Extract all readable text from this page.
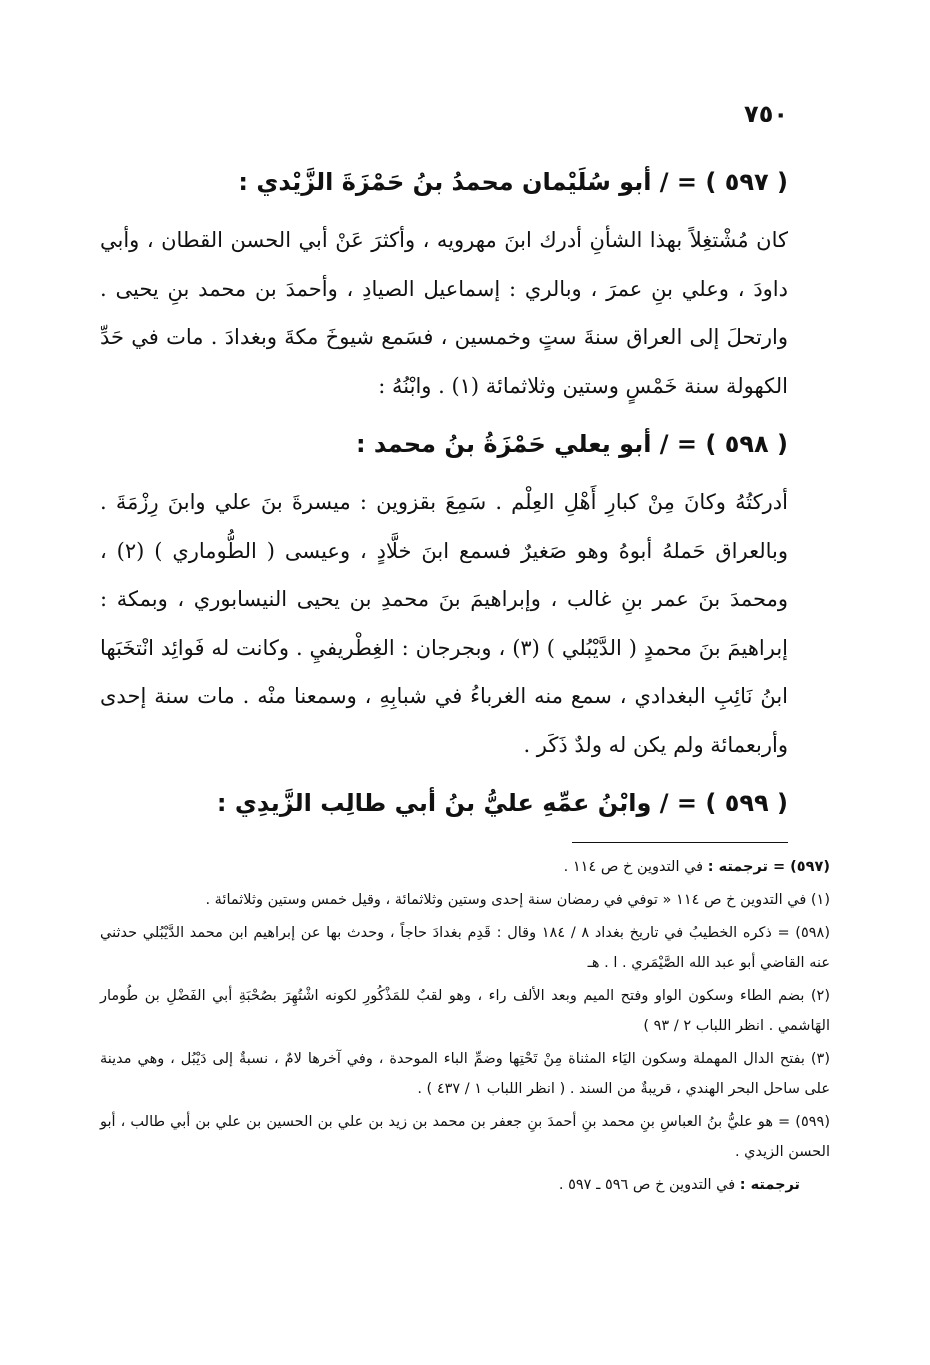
٧٥٠
( ٥٩٧ ) = / أبو سُلَيْمان محمدُ بنُ حَمْزَةَ الزَّيْدي :

كان مُشْتغِلاً بهذا الشأنِ أدرك ابنَ مهرويه ، وأكثرَ عَنْ أبي الحسن القطان ، وأبي داودَ ، وعلي بنِ عمرَ ، وبالري : إسماعيل الصيادِ ، وأحمدَ بن محمد بنِ يحيى . وارتحلَ إلى العراق سنةَ ستٍ وخمسين ، فسَمع شيوخَ مكةَ وبغدادَ . مات في حَدِّ الكهولة سنة خَمْسٍ وستين وثلاثمائة (١) . وابْنُهُ :

( ٥٩٨ ) = / أبو يعلي حَمْزَةُ بنُ محمد :

أدركتُهُ وكانَ مِنْ كبارِ أَهْلِ العِلْم . سَمِعَ بقزوين : ميسرةَ بنَ علي وابنَ رِزْمَةَ . وبالعراق حَملهُ أبوهُ وهو صَغيرٌ فسمع ابنَ خلَّادٍ ، وعيسى ( الطُّوماري ) (٢) ، ومحمدَ بنَ عمر بنِ غالب ، وإبراهيمَ بنَ محمدِ بن يحيى النيسابوري ، وبمكة : إبراهيمَ بنَ محمدٍ ( الدَّيْبُلي ) (٣) ، وبجرجان : الغِطْريفيِ . وكانت له فَوائِد انْتخَبَها ابنُ نَائِبِ البغدادي ، سمع منه الغرباءُ في شبابِهِ ، وسمعنا منْه . مات سنة إحدى وأربعمائة ولم يكن له ولدٌ ذَكَر .

( ٥٩٩ ) = / وابْنُ عمِّهِ عليُّ بنُ أبي طالِب الزَّيدِي :

(٥٩٧) = ترجمته : في التدوين خ ص ١١٤ .

(١) في التدوين خ ص ١١٤ « توفي في رمضان سنة إحدى وستين وثلاثمائة ، وقيل خمس وستين وثلاثمائة .

(٥٩٨) = ذكره الخطيبُ في تاريخ بغداد ٨ / ١٨٤ وقال : قَدِم بغدادَ حاجاً ، وحدث بها عن إبراهيم ابن محمد الدَّيْبُلي حدثني عنه القاضي أبو عبد الله الصَّيْمَري . ا . هـ

(٢) بضم الطاء وسكون الواو وفتح الميم وبعد الألف راء ، وهو لقبٌ للمَذْكُورِ لكونه اشْتُهِرَ بصُحْبَةِ أبي الفَضْلِ بن طُومار الهَاشمي . انظر اللباب ٢ / ٩٣ )

(٣) بفتح الدال المهملة وسكون اليَاء المثناة مِنْ تَحْتِها وضمِّ الباء الموحدة ، وفي آخرها لامٌ ، نسبةٌ إلى دَيْبُل ، وهي مدينة على ساحل البحر الهندي ، قريبةٌ من السند . ( انظر اللباب ١ / ٤٣٧ ) .

(٥٩٩) = هو عليُّ بنُ العباسِ بنِ محمد بنِ أحمدَ بنِ جعفر بن محمد بن زيد بن علي بن الحسين بن علي بن أبي طالب ، أبو الحسن الزيدي .

ترجمته : في التدوين خ ص ٥٩٦ ـ ٥٩٧ .
